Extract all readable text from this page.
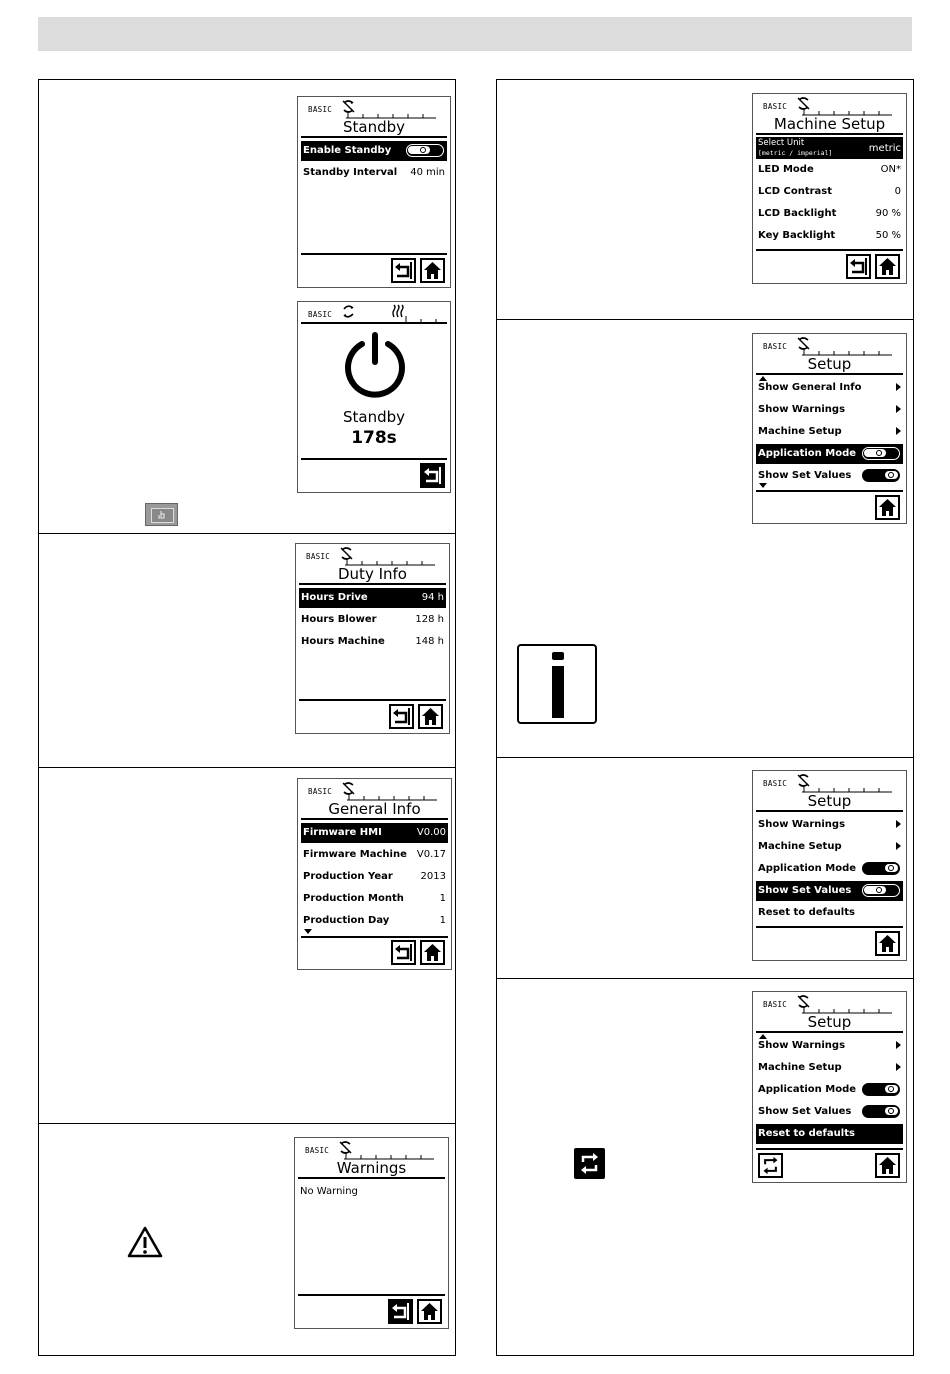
BASIC
Standby
Enable Standby
Standby Interval 40 min
BASIC
Standby
178s
BASIC
Duty Info
Hours Drive	94 h
Hours Blower	128 h
Hours Machine	148 h
BASIC
General Info
Firmware HMI	V0.00
Firmware Machine V0.17
Production Year	2013
Production Month	1
Production Day	1
BASIC
Warnings
No Warning
BASIC
Machine Setup
Select Unit
[metric / imperial]	metric
LED Mode	ON*
LCD Contrast	0
LCD Backlight	90 %
Key Backlight	50 %
BASIC
Setup
Show General Info
Show Warnings
Machine Setup
Application Mode
Show Set Values
BASIC
Setup
Show Warnings
Machine Setup
Application Mode
Show Set Values
Reset to defaults
BASIC
Setup
Show Warnings
Machine Setup
Application Mode
Show Set Values
Reset to defaults
